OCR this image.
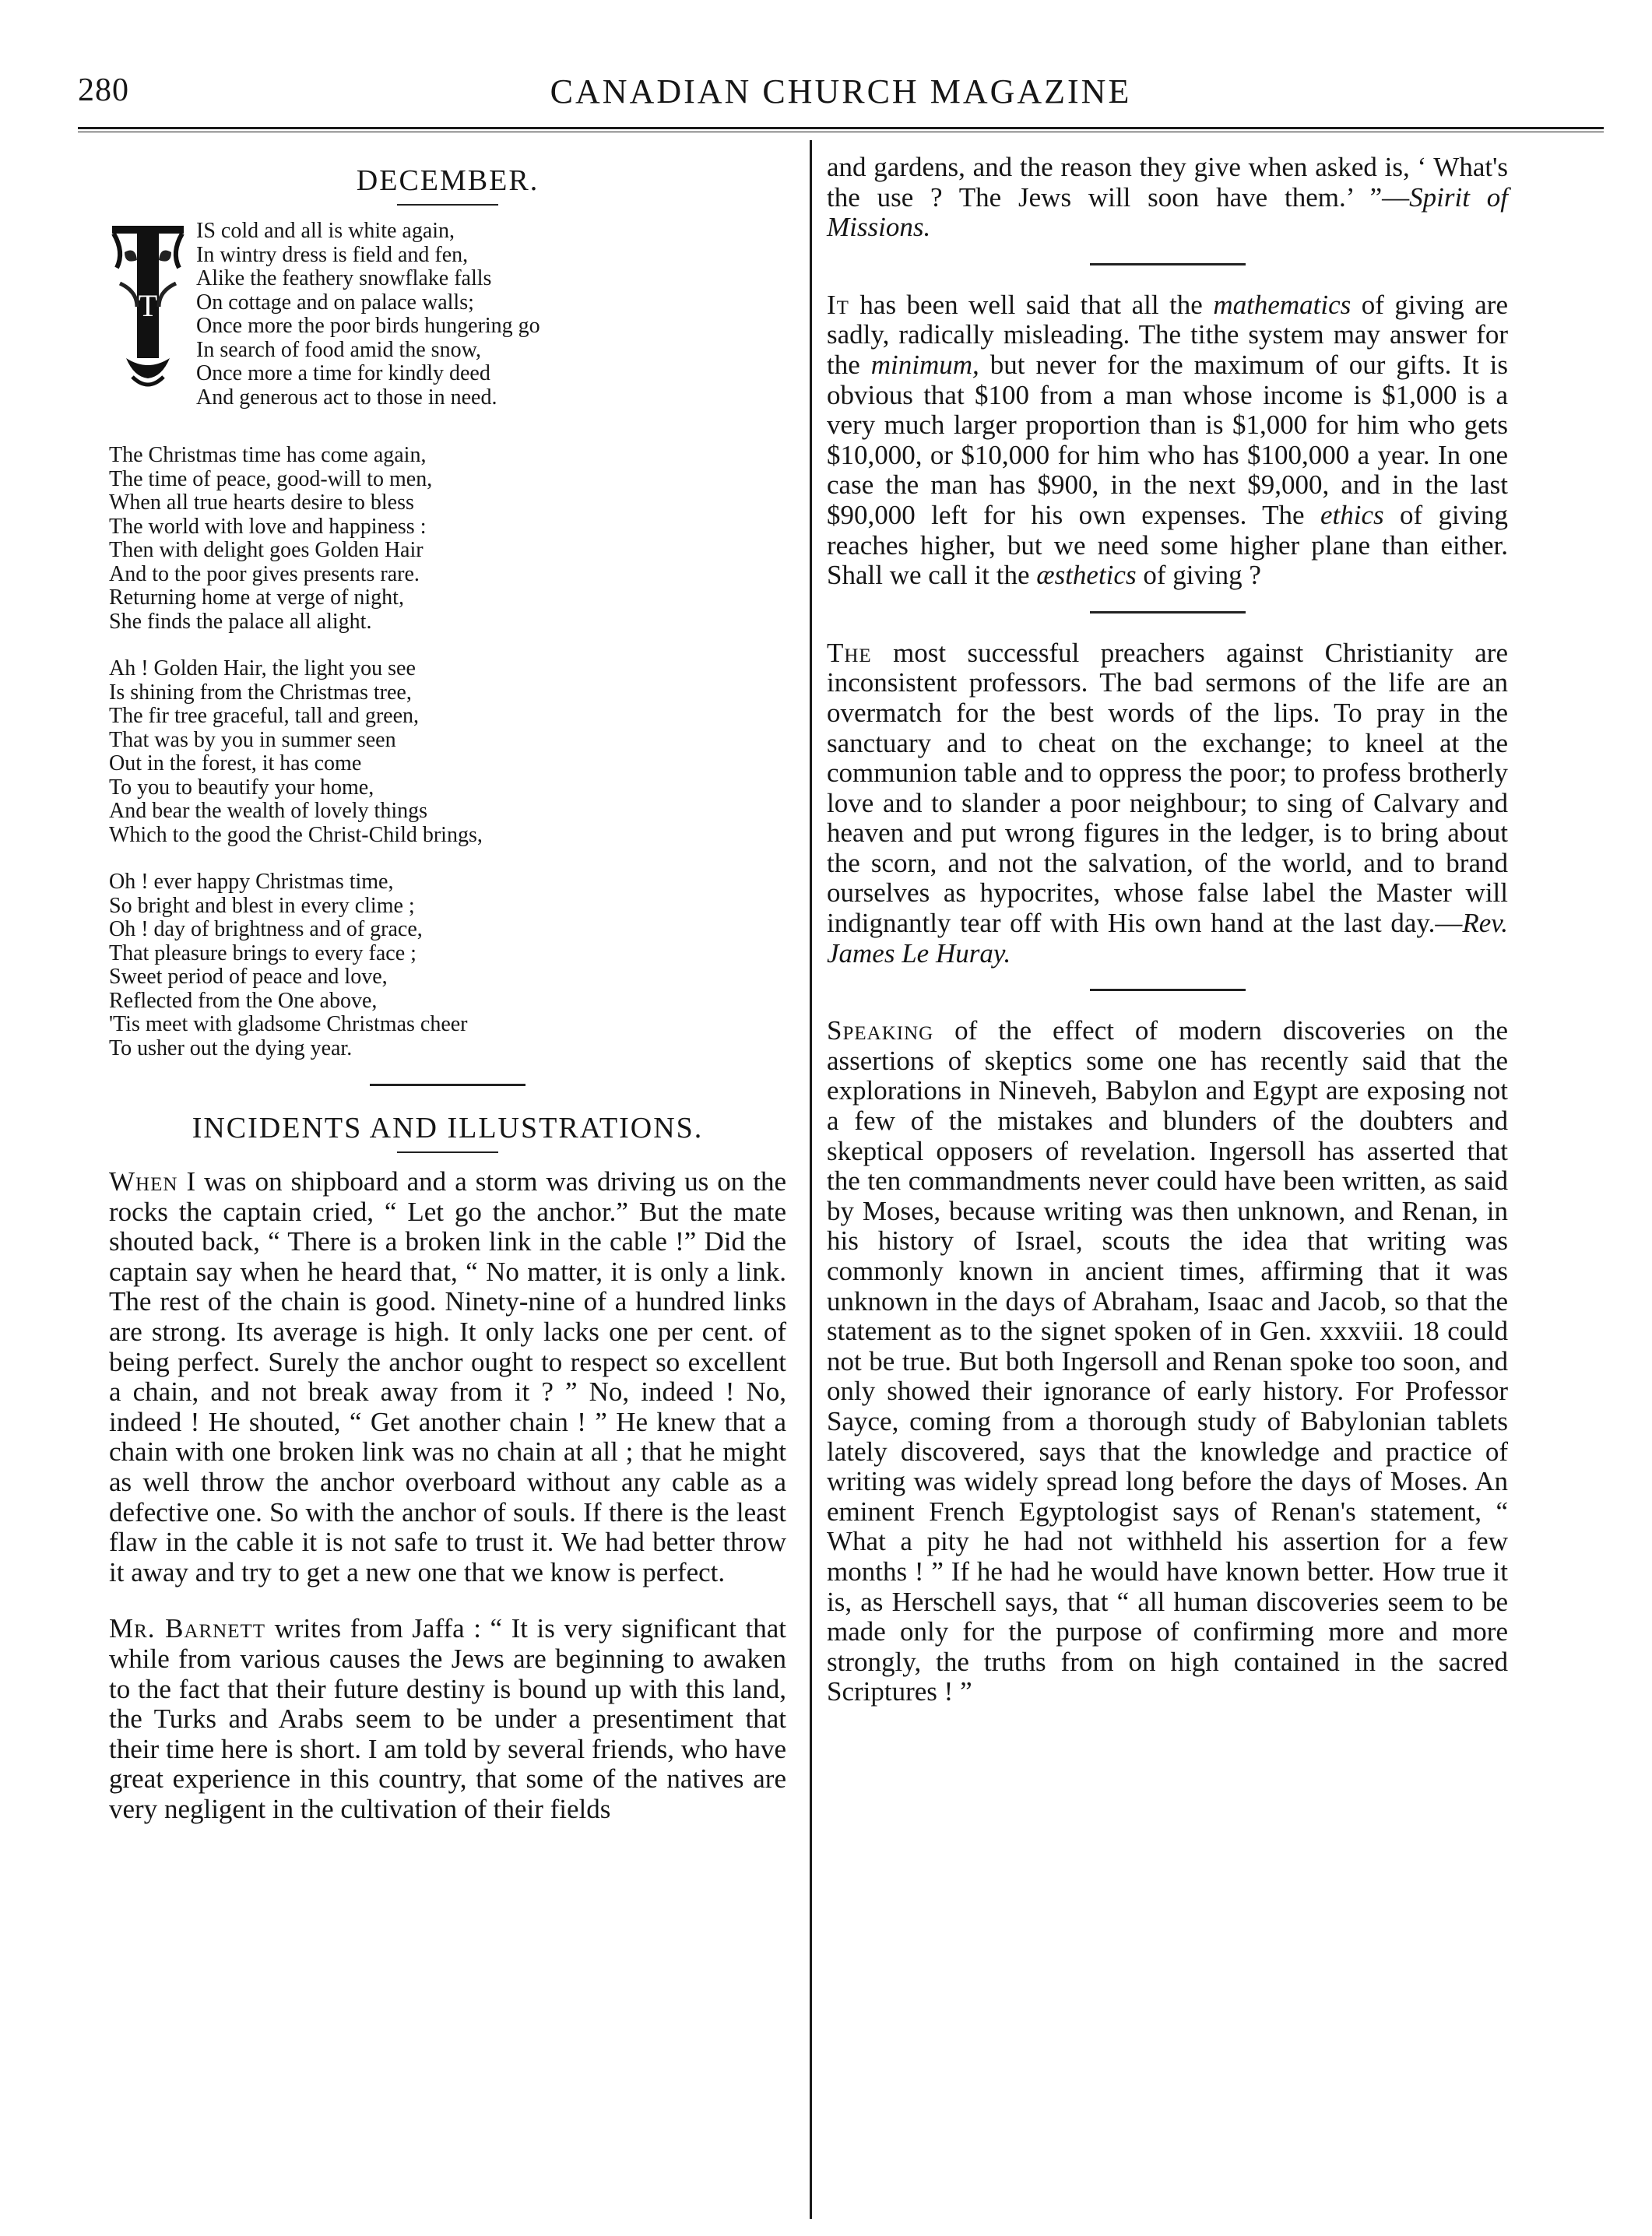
280	CANADIAN CHURCH MAGAZINE
DECEMBER.
T
IS cold and all is white again,
In wintry dress is field and fen,
Alike the feathery snowflake falls
On cottage and on palace walls;
Once more the poor birds hungering go
In search of food amid the snow,
Once more a time for kindly deed
And generous act to those in need.
The Christmas time has come again,
The time of peace, good-will to men,
When all true hearts desire to bless
The world with love and happiness :
Then with delight goes Golden Hair
And to the poor gives presents rare.
Returning home at verge of night,
She finds the palace all alight.
Ah ! Golden Hair, the light you see
Is shining from the Christmas tree,
The fir tree graceful, tall and green,
That was by you in summer seen
Out in the forest, it has come
To you to beautify your home,
And bear the wealth of lovely things
Which to the good the Christ-Child brings,
Oh ! ever happy Christmas time,
So bright and blest in every clime ;
Oh ! day of brightness and of grace,
That pleasure brings to every face ;
Sweet period of peace and love,
Reflected from the One above,
'Tis meet with gladsome Christmas cheer
To usher out the dying year.
INCIDENTS AND ILLUSTRATIONS.

When I was on shipboard and a storm was driving us on the rocks the captain cried, “ Let go the anchor.” But the mate shouted back, “ There is a broken link in the cable !” Did the captain say when he heard that, “ No matter, it is only a link. The rest of the chain is good. Ninety-nine of a hundred links are strong. Its average is high. It only lacks one per cent. of being perfect. Surely the anchor ought to respect so excellent a chain, and not break away from it ? ” No, indeed ! No, indeed ! He shouted, “ Get another chain ! ” He knew that a chain with one broken link was no chain at all ; that he might as well throw the anchor overboard without any cable as a defective one. So with the anchor of souls. If there is the least flaw in the cable it is not safe to trust it. We had better throw it away and try to get a new one that we know is perfect.

Mr. Barnett writes from Jaffa : “ It is very significant that while from various causes the Jews are beginning to awaken to the fact that their future destiny is bound up with this land, the Turks and Arabs seem to be under a presentiment that their time here is short. I am told by several friends, who have great experience in this country, that some of the natives are very negligent in the cultivation of their fields

and gardens, and the reason they give when asked is, ‘ What's the use ? The Jews will soon have them.’ ”—Spirit of Missions.

It has been well said that all the mathematics of giving are sadly, radically misleading. The tithe system may answer for the minimum, but never for the maximum of our gifts. It is obvious that $100 from a man whose income is $1,000 is a very much larger proportion than is $1,000 for him who gets $10,000, or $10,000 for him who has $100,000 a year. In one case the man has $900, in the next $9,000, and in the last $90,000 left for his own expenses. The ethics of giving reaches higher, but we need some higher plane than either. Shall we call it the æsthetics of giving ?

The most successful preachers against Christianity are inconsistent professors. The bad sermons of the life are an overmatch for the best words of the lips. To pray in the sanctuary and to cheat on the exchange; to kneel at the communion table and to oppress the poor; to profess brotherly love and to slander a poor neighbour; to sing of Calvary and heaven and put wrong figures in the ledger, is to bring about the scorn, and not the salvation, of the world, and to brand ourselves as hypocrites, whose false label the Master will indignantly tear off with His own hand at the last day.—Rev. James Le Huray.

Speaking of the effect of modern discoveries on the assertions of skeptics some one has recently said that the explorations in Nineveh, Babylon and Egypt are exposing not a few of the mistakes and blunders of the doubters and skeptical opposers of revelation. Ingersoll has asserted that the ten commandments never could have been written, as said by Moses, because writing was then unknown, and Renan, in his history of Israel, scouts the idea that writing was commonly known in ancient times, affirming that it was unknown in the days of Abraham, Isaac and Jacob, so that the statement as to the signet spoken of in Gen. xxxviii. 18 could not be true. But both Ingersoll and Renan spoke too soon, and only showed their ignorance of early history. For Professor Sayce, coming from a thorough study of Babylonian tablets lately discovered, says that the knowledge and practice of writing was widely spread long before the days of Moses. An eminent French Egyptologist says of Renan's statement, “ What a pity he had not withheld his assertion for a few months ! ” If he had he would have known better. How true it is, as Herschell says, that “ all human discoveries seem to be made only for the purpose of confirming more and more strongly, the truths from on high contained in the sacred Scriptures ! ”
